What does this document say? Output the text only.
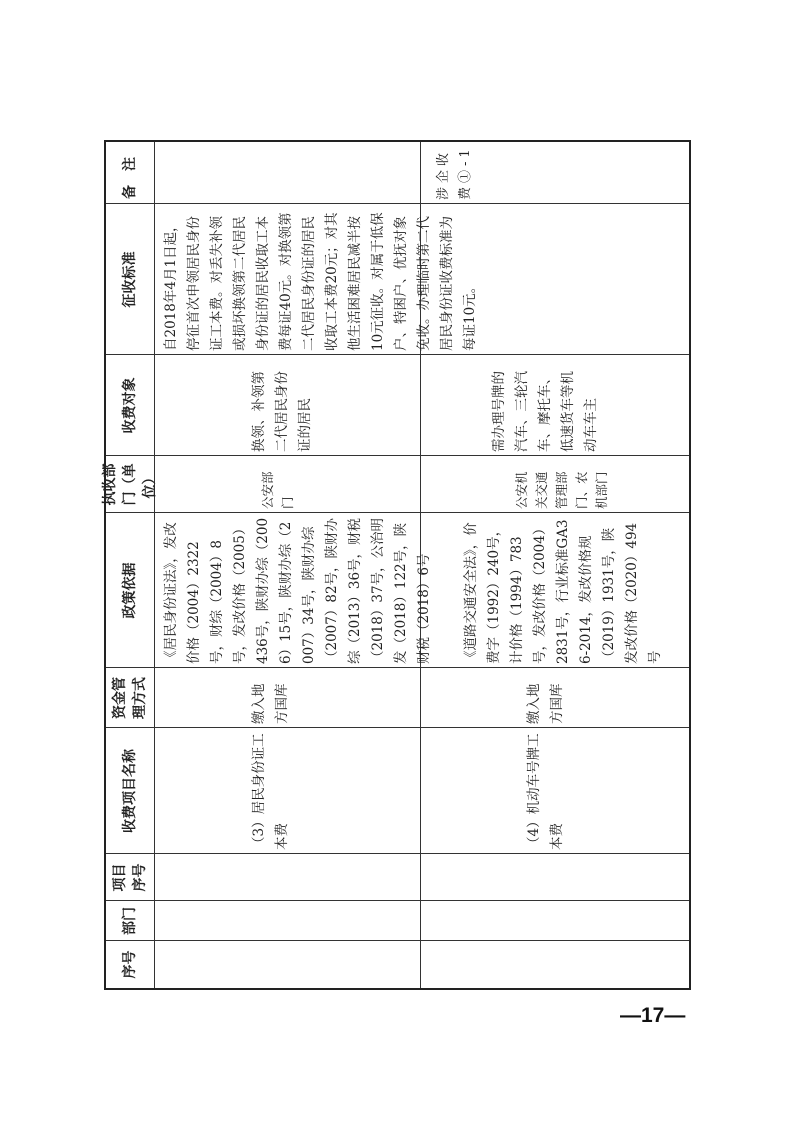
序号
部门
项目序号
收费项目名称
资金管理方式
政策依据
执收部门（单位）
收费对象
征收标准
备注
（3）居民身份证工本费
缴入地方国库
《居民身份证法》，发改价格（2004）2322号，财综（2004）8号，发改价格（2005）436号，陕财办综（2006）15号，陕财办综（2007）34号，陕财办综（2007）82号，陕财办综（2013）36号，财税（2018）37号，公治明发（2018）122号，陕财税（2018）6号
公安部门
换领、补领第二代居民身份证的居民
自2018年4月1日起，停征首次申领居民身份证工本费。对丢失补领或损坏换领第二代居民身份证的居民收取工本费每证40元。对换领第二代居民身份证的居民收取工本费20元；对其他生活困难居民减半按10元征收。对属于低保户、特困户、优抚对象免收。办理临时第二代居民身份证收费标准为每证10元。
（4）机动车号牌工本费
缴入地方国库
《道路交通安全法》，价费字（1992）240号，计价格（1994）783号，发改价格（2004）2831号，行业标准GA36-2014，发改价格规（2019）1931号，陕发改价格（2020）494号
公安机关交通管理部门、农机部门
需办理号牌的汽车、三轮汽车、摩托车、低速货车等机动车车主
涉企收费①-1
—17—
